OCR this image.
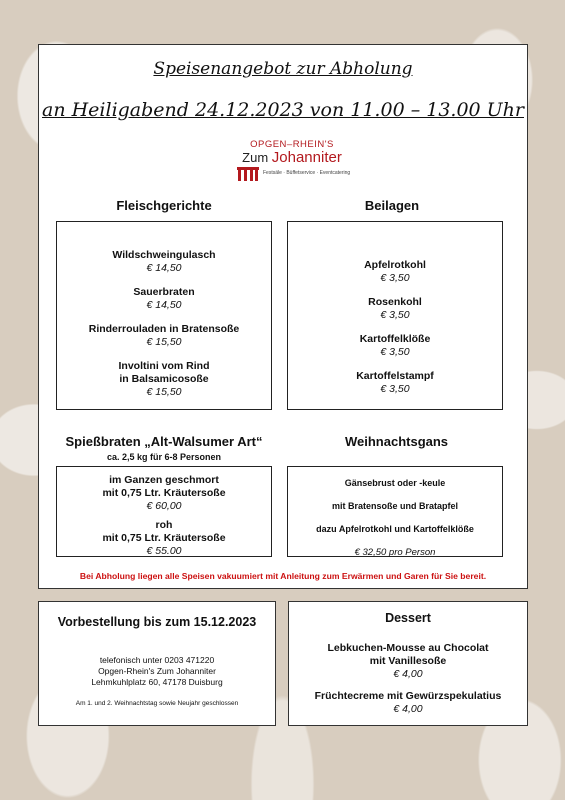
Speisenangebot zur Abholung
an Heiligabend 24.12.2023 von 11.00 – 13.00 Uhr
OPGEN–RHEIN'S
Zum Johanniter
Festsäle · Büffetservice · Eventcatering
Fleischgerichte	Beilagen
Wildschweingulasch
€ 14,50
Sauerbraten
€ 14,50
Rinderrouladen in Bratensoße
€ 15,50
Involtini vom Rind
in Balsamicosoße
€ 15,50
Apfelrotkohl
€ 3,50
Rosenkohl
€ 3,50
Kartoffelklöße
€ 3,50
Kartoffelstampf
€ 3,50
Spießbraten „Alt-Walsumer Art“
ca. 2,5 kg für 6-8 Personen
Weihnachtsgans
im Ganzen geschmort
mit 0,75 Ltr. Kräutersoße
€ 60,00
roh
mit 0,75 Ltr. Kräutersoße
€ 55.00
Gänsebrust oder -keule
mit Bratensoße und Bratapfel
dazu Apfelrotkohl und Kartoffelklöße
€ 32,50 pro Person
Bei Abholung liegen alle Speisen vakuumiert mit Anleitung zum Erwärmen und Garen für Sie bereit.
Vorbestellung bis zum 15.12.2023
telefonisch unter 0203 471220
Opgen-Rhein's Zum Johanniter
Lehmkuhlplatz 60, 47178 Duisburg
Am 1. und 2. Weihnachtstag sowie Neujahr geschlossen
Dessert
Lebkuchen-Mousse au Chocolat
mit Vanillesoße
€ 4,00
Früchtecreme mit Gewürzspekulatius
€ 4,00
